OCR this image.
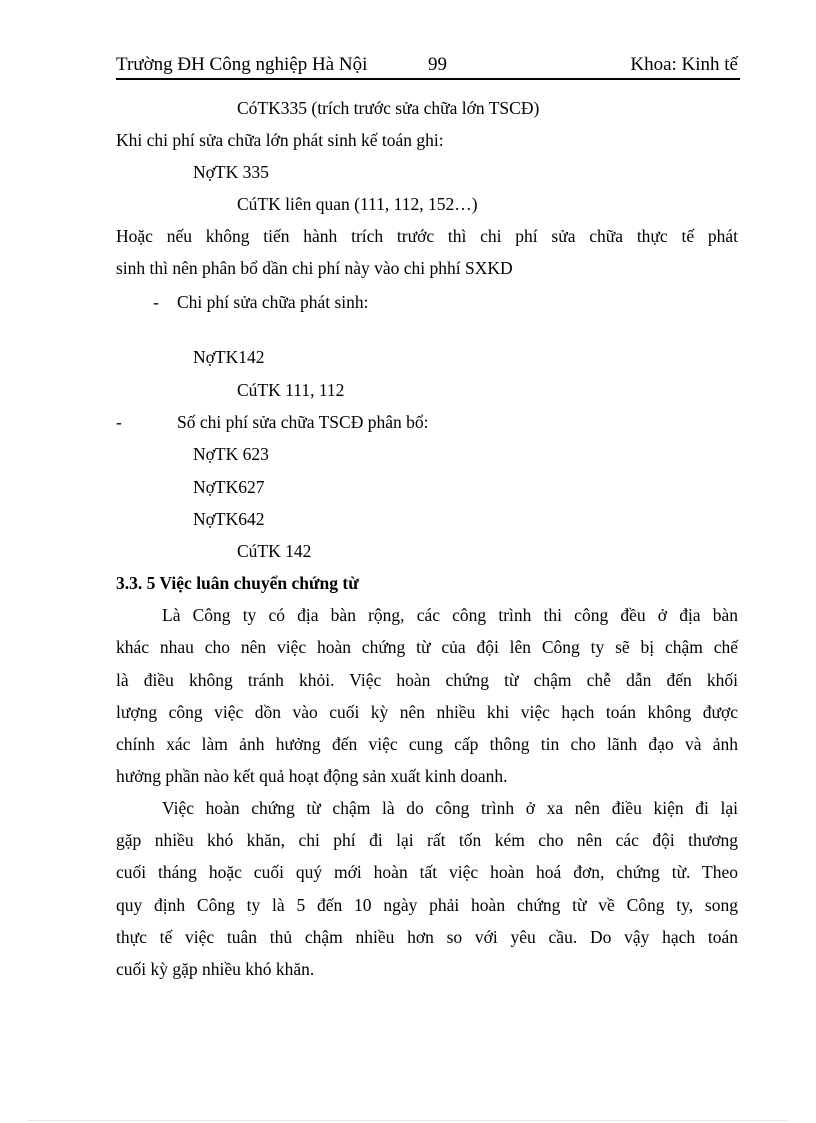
Trường ĐH Công nghiệp Hà Nội	99	Khoa: Kinh tế
CóTK335 (trích trước sửa chữa lớn TSCĐ)
Khi chi phí sửa chữa lớn phát sinh kế toán ghi:
NợTK 335
CúTK liên quan (111, 112, 152…)
Hoặc nếu không tiến hành trích trước thì chi phí sửa chữa thực tế phát
sinh thì nên phân bổ dần chi phí này vào chi phhí SXKD
- Chi phí sửa chữa phát sinh:
NợTK142
CúTK 111, 112
-	Số chi phí sửa chữa TSCĐ phân bổ:
NợTK 623
NợTK627
NợTK642
CúTK 142
3.3. 5 Việc luân chuyển chứng từ
Là Công ty có địa bàn rộng, các công trình thi công đều ở địa bàn
khác nhau cho nên việc hoàn chứng từ của đội lên Công ty sẽ bị chậm chế
là điều không tránh khỏi. Việc hoàn chứng từ chậm chễ dẫn đến khối
lượng công việc dồn vào cuối kỳ nên nhiều khi việc hạch toán không được
chính xác làm ảnh hưởng đến việc cung cấp thông tin cho lãnh đạo và ảnh
hưởng phần nào kết quả hoạt động sản xuất kinh doanh.
Việc hoàn chứng từ chậm là do công trình ở xa nên điều kiện đi lại
gặp nhiều khó khăn, chi phí đi lại rất tốn kém cho nên các đội thương
cuối tháng hoặc cuối quý mới hoàn tất việc hoàn hoá đơn, chứng từ. Theo
quy định Công ty là 5 đến 10 ngày phải hoàn chứng từ về Công ty, song
thực tế việc tuân thủ chậm nhiều hơn so với yêu cầu. Do vậy hạch toán
cuối kỳ gặp nhiều khó khăn.
